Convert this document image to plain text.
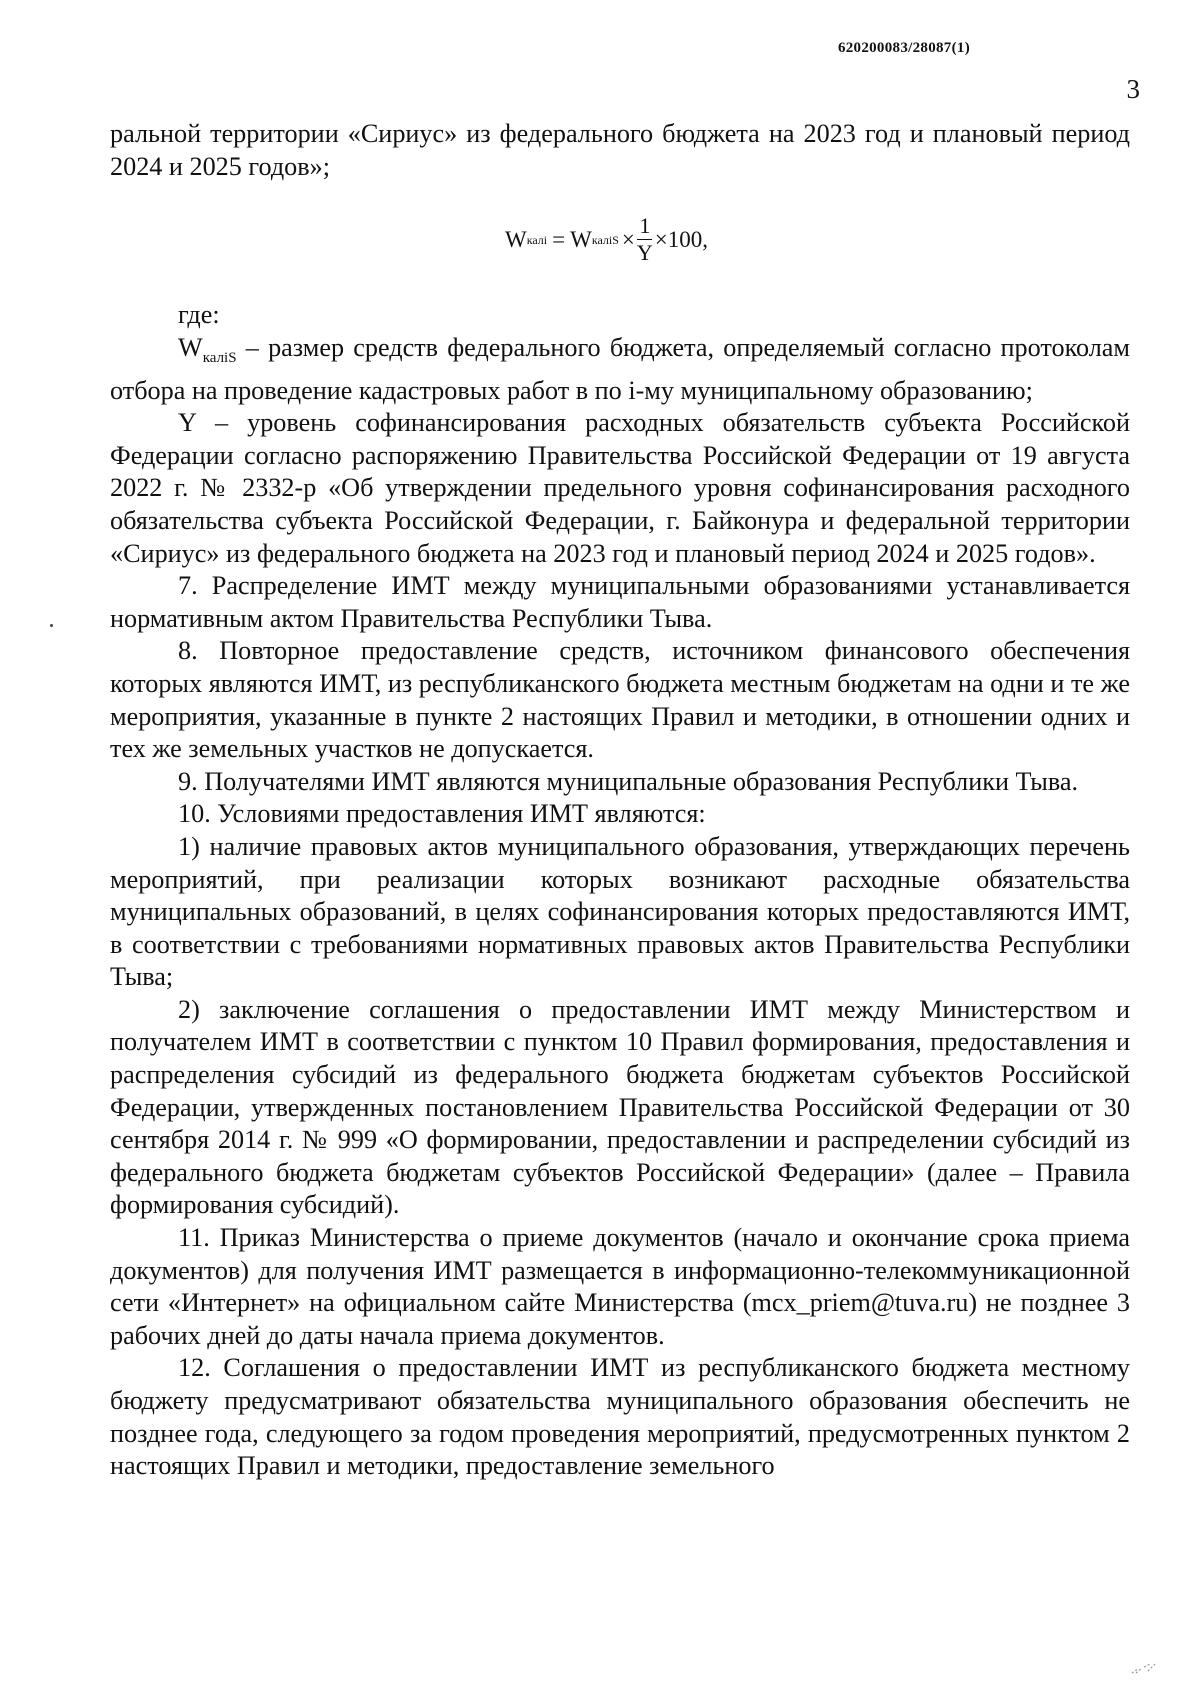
620200083/28087(1)
3

ральной территории «Сириус» из федерального бюджета на 2023 год и плановый период 2024 и 2025 годов»;

W калi = W калiS × $\frac{1}{Y} \times 100$ ,

где:

$W_{калiS}$ – размер средств федерального бюджета, определяемый согласно протоколам отбора на проведение кадастровых работ в по i-му муниципальному образованию;

Y – уровень софинансирования расходных обязательств субъекта Российской Федерации согласно распоряжению Правительства Российской Федерации от 19 августа 2022 г. № 2332-р «Об утверждении предельного уровня софинансирования расходного обязательства субъекта Российской Федерации, г. Байконура и федеральной территории «Сириус» из федерального бюджета на 2023 год и плановый период 2024 и 2025 годов».

7. Распределение ИМТ между муниципальными образованиями устанавливается нормативным актом Правительства Республики Тыва.

8. Повторное предоставление средств, источником финансового обеспечения которых являются ИМТ, из республиканского бюджета местным бюджетам на одни и те же мероприятия, указанные в пункте 2 настоящих Правил и методики, в отношении одних и тех же земельных участков не допускается.

9. Получателями ИМТ являются муниципальные образования Республики Тыва.

10. Условиями предоставления ИМТ являются:

1) наличие правовых актов муниципального образования, утверждающих перечень мероприятий, при реализации которых возникают расходные обязательства муниципальных образований, в целях софинансирования которых предоставляются ИМТ, в соответствии с требованиями нормативных правовых актов Правительства Республики Тыва;

2) заключение соглашения о предоставлении ИМТ между Министерством и получателем ИМТ в соответствии с пунктом 10 Правил формирования, предоставления и распределения субсидий из федерального бюджета бюджетам субъектов Российской Федерации, утвержденных постановлением Правительства Российской Федерации от 30 сентября 2014 г. № 999 «О формировании, предоставлении и распределении субсидий из федерального бюджета бюджетам субъектов Российской Федерации» (далее – Правила формирования субсидий).

11. Приказ Министерства о приеме документов (начало и окончание срока приема документов) для получения ИМТ размещается в информационно-телекоммуникационной сети «Интернет» на официальном сайте Министерства (mcx_priem@tuva.ru) не позднее 3 рабочих дней до даты начала приема документов.

12. Соглашения о предоставлении ИМТ из республиканского бюджета местному бюджету предусматривают обязательства муниципального образования обеспечить не позднее года, следующего за годом проведения мероприятий, предусмотренных пунктом 2 настоящих Правил и методики, предоставление земельного
